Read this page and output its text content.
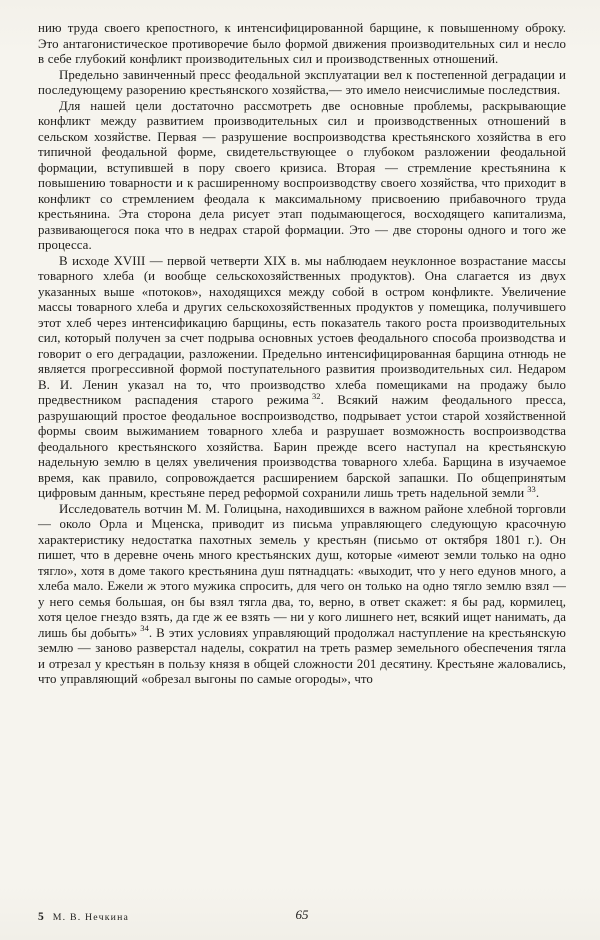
нию труда своего крепостного, к интенсифицированной барщине, к повышенному оброку. Это антагонистическое противоречие было формой движения производительных сил и несло в себе глубокий конфликт производительных сил и производственных отношений.

Предельно завинченный пресс феодальной эксплуатации вел к постепенной деградации и последующему разорению крестьянского хозяйства,— это имело неисчислимые последствия.

Для нашей цели достаточно рассмотреть две основные проблемы, раскрывающие конфликт между развитием производительных сил и производственных отношений в сельском хозяйстве. Первая — разрушение воспроизводства крестьянского хозяйства в его типичной феодальной форме, свидетельствующее о глубоком разложении феодальной формации, вступившей в пору своего кризиса. Вторая — стремление крестьянина к повышению товарности и к расширенному воспроизводству своего хозяйства, что приходит в конфликт со стремлением феодала к максимальному присвоению прибавочного труда крестьянина. Эта сторона дела рисует этап подымающегося, восходящего капитализма, развивающегося пока что в недрах старой формации. Это — две стороны одного и того же процесса.

В исходе XVIII — первой четверти XIX в. мы наблюдаем неуклонное возрастание массы товарного хлеба (и вообще сельскохозяйственных продуктов). Она слагается из двух указанных выше «потоков», находящихся между собой в остром конфликте. Увеличение массы товарного хлеба и других сельскохозяйственных продуктов у помещика, получившего этот хлеб через интенсификацию барщины, есть показатель такого роста производительных сил, который получен за счет подрыва основных устоев феодального способа производства и говорит о его деградации, разложении. Предельно интенсифицированная барщина отнюдь не является прогрессивной формой поступательного развития производительных сил. Недаром В. И. Ленин указал на то, что производство хлеба помещиками на продажу было предвестником распадения старого режима $^{32}$. Всякий нажим феодального пресса, разрушающий простое феодальное воспроизводство, подрывает устои старой хозяйственной формы своим выжиманием товарного хлеба и разрушает возможность воспроизводства феодального крестьянского хозяйства. Барин прежде всего наступал на крестьянскую надельную землю в целях увеличения производства товарного хлеба. Барщина в изучаемое время, как правило, сопровождается расширением барской запашки. По общепринятым цифровым данным, крестьяне перед реформой сохранили лишь треть надельной земли $^{33}$.

Исследователь вотчин М. М. Голицына, находившихся в важном районе хлебной торговли — около Орла и Мценска, приводит из письма управляющего следующую красочную характеристику недостатка пахотных земель у крестьян (письмо от октября 1801 г.). Он пишет, что в деревне очень много крестьянских душ, которые «имеют земли только на одно тягло», хотя в доме такого крестьянина душ пятнадцать: «выходит, что у него едунов много, а хлеба мало. Ежели ж этого мужика спросить, для чего он только на одно тягло землю взял — у него семья большая, он бы взял тягла два, то, верно, в ответ скажет: я бы рад, кормилец, хотя целое гнездо взять, да где ж ее взять — ни у кого лишнего нет, всякий ищет нанимать, да лишь бы добыть» $^{34}$. В этих условиях управляющий продолжал наступление на крестьянскую землю — заново разверстал наделы, сократил на треть размер земельного обеспечения тягла и отрезал у крестьян в пользу князя в общей сложности 201 десятину. Крестьяне жаловались, что управляющий «обрезал выгоны по самые огороды», что

5 М. В. Нечкина	65
